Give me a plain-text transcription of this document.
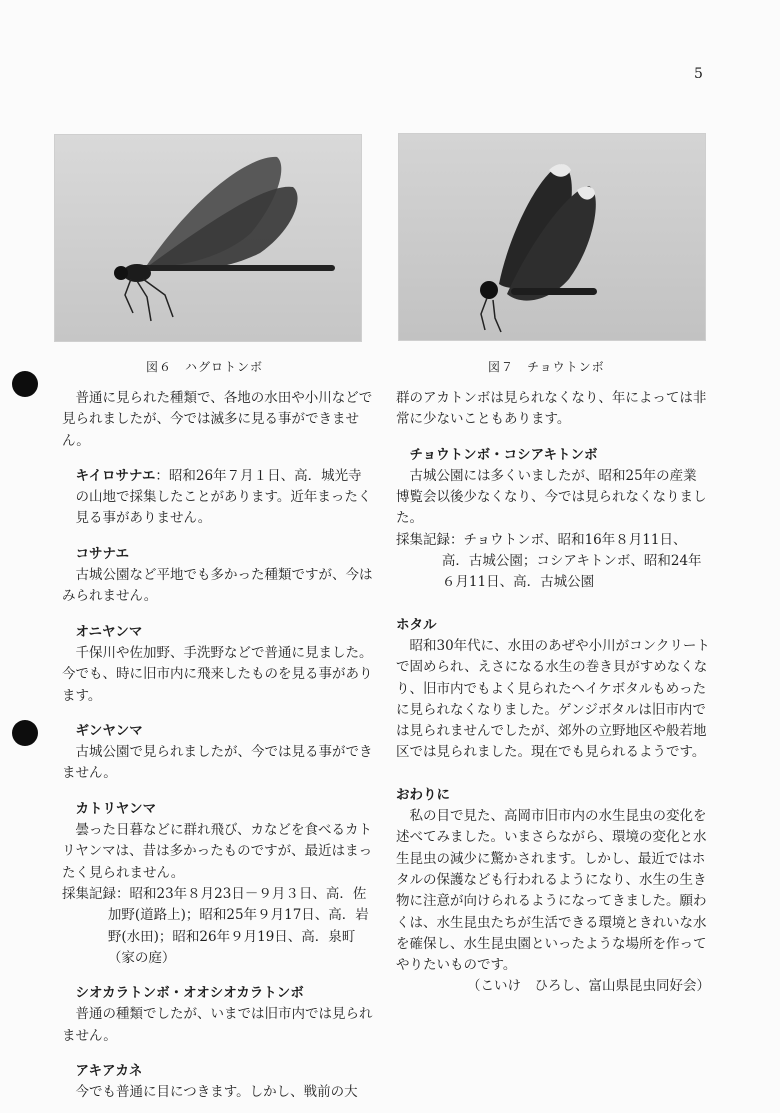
5
図６　ハグロトンボ	図７　チョウトンボ

普通に見られた種類で、各地の水田や小川などで見られましたが、今では滅多に見る事ができません。

キイロサナエ：昭和26年７月１日、高．城光寺の山地で採集したことがあります。近年まったく見る事がありません。

コサナエ

古城公園など平地でも多かった種類ですが、今はみられません。

オニヤンマ

千保川や佐加野、手洗野などで普通に見ました。今でも、時に旧市内に飛来したものを見る事があります。

ギンヤンマ

古城公園で見られましたが、今では見る事ができません。

カトリヤンマ

曇った日暮などに群れ飛び、カなどを食べるカトリヤンマは、昔は多かったものですが、最近はまったく見られません。

採集記録：昭和23年８月23日－９月３日、高．佐加野(道路上)；昭和25年９月17日、高．岩野(水田)；昭和26年９月19日、高．泉町（家の庭）

シオカラトンボ・オオシオカラトンボ

普通の種類でしたが、いまでは旧市内では見られません。

アキアカネ

今でも普通に目につきます。しかし、戦前の大

群のアカトンボは見られなくなり、年によっては非常に少ないこともあります。

チョウトンボ・コシアキトンボ

古城公園には多くいましたが、昭和25年の産業博覧会以後少なくなり、今では見られなくなりました。

採集記録：チョウトンボ、昭和16年８月11日、高．古城公園；コシアキトンボ、昭和24年６月11日、高．古城公園

ホタル

昭和30年代に、水田のあぜや小川がコンクリートで固められ、えさになる水生の巻き貝がすめなくなり、旧市内でもよく見られたヘイケボタルもめったに見られなくなりました。ゲンジボタルは旧市内では見られませんでしたが、郊外の立野地区や般若地区では見られました。現在でも見られるようです。

おわりに

私の目で見た、高岡市旧市内の水生昆虫の変化を述べてみました。いまさらながら、環境の変化と水生昆虫の減少に驚かされます。しかし、最近ではホタルの保護なども行われるようになり、水生の生き物に注意が向けられるようになってきました。願わくは、水生昆虫たちが生活できる環境ときれいな水を確保し、水生昆虫園といったような場所を作ってやりたいものです。

（こいけ　ひろし、富山県昆虫同好会）
